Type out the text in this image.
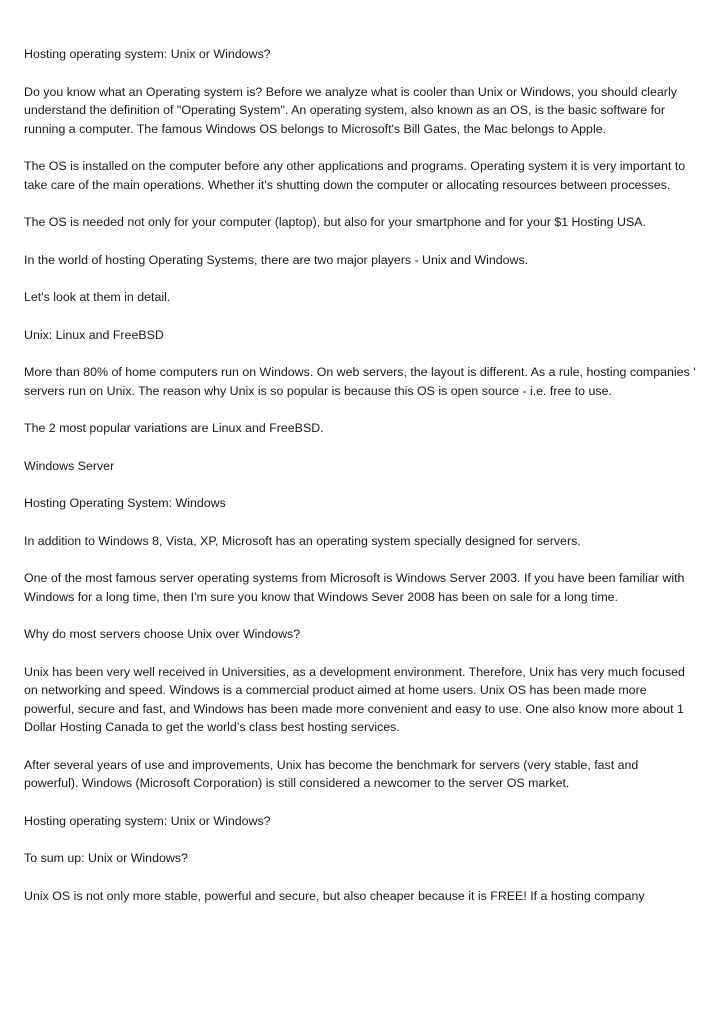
Hosting operating system: Unix or Windows?

Do you know what an Operating system is? Before we analyze what is cooler than Unix or Windows, you should clearly understand the definition of "Operating System". An operating system, also known as an OS, is the basic software for running a computer. The famous Windows OS belongs to Microsoft's Bill Gates, the Mac belongs to Apple.

The OS is installed on the computer before any other applications and programs. Operating system it is very important to take care of the main operations. Whether it's shutting down the computer or allocating resources between processes.

The OS is needed not only for your computer (laptop), but also for your smartphone and for your $1 Hosting USA.

In the world of hosting Operating Systems, there are two major players - Unix and Windows.

Let's look at them in detail.

Unix: Linux and FreeBSD

More than 80% of home computers run on Windows. On web servers, the layout is different. As a rule, hosting companies ' servers run on Unix. The reason why Unix is so popular is because this OS is open source - i.e. free to use.

The 2 most popular variations are Linux and FreeBSD.

Windows Server

Hosting Operating System: Windows

In addition to Windows 8, Vista, XP, Microsoft has an operating system specially designed for servers.

One of the most famous server operating systems from Microsoft is Windows Server 2003. If you have been familiar with Windows for a long time, then I'm sure you know that Windows Sever 2008 has been on sale for a long time.

Why do most servers choose Unix over Windows?

Unix has been very well received in Universities, as a development environment. Therefore, Unix has very much focused on networking and speed. Windows is a commercial product aimed at home users. Unix OS has been made more powerful, secure and fast, and Windows has been made more convenient and easy to use. One also know more about 1 Dollar Hosting Canada to get the world’s class best hosting services.

After several years of use and improvements, Unix has become the benchmark for servers (very stable, fast and powerful). Windows (Microsoft Corporation) is still considered a newcomer to the server OS market.

Hosting operating system: Unix or Windows?

To sum up: Unix or Windows?

Unix OS is not only more stable, powerful and secure, but also cheaper because it is FREE! If a hosting company
